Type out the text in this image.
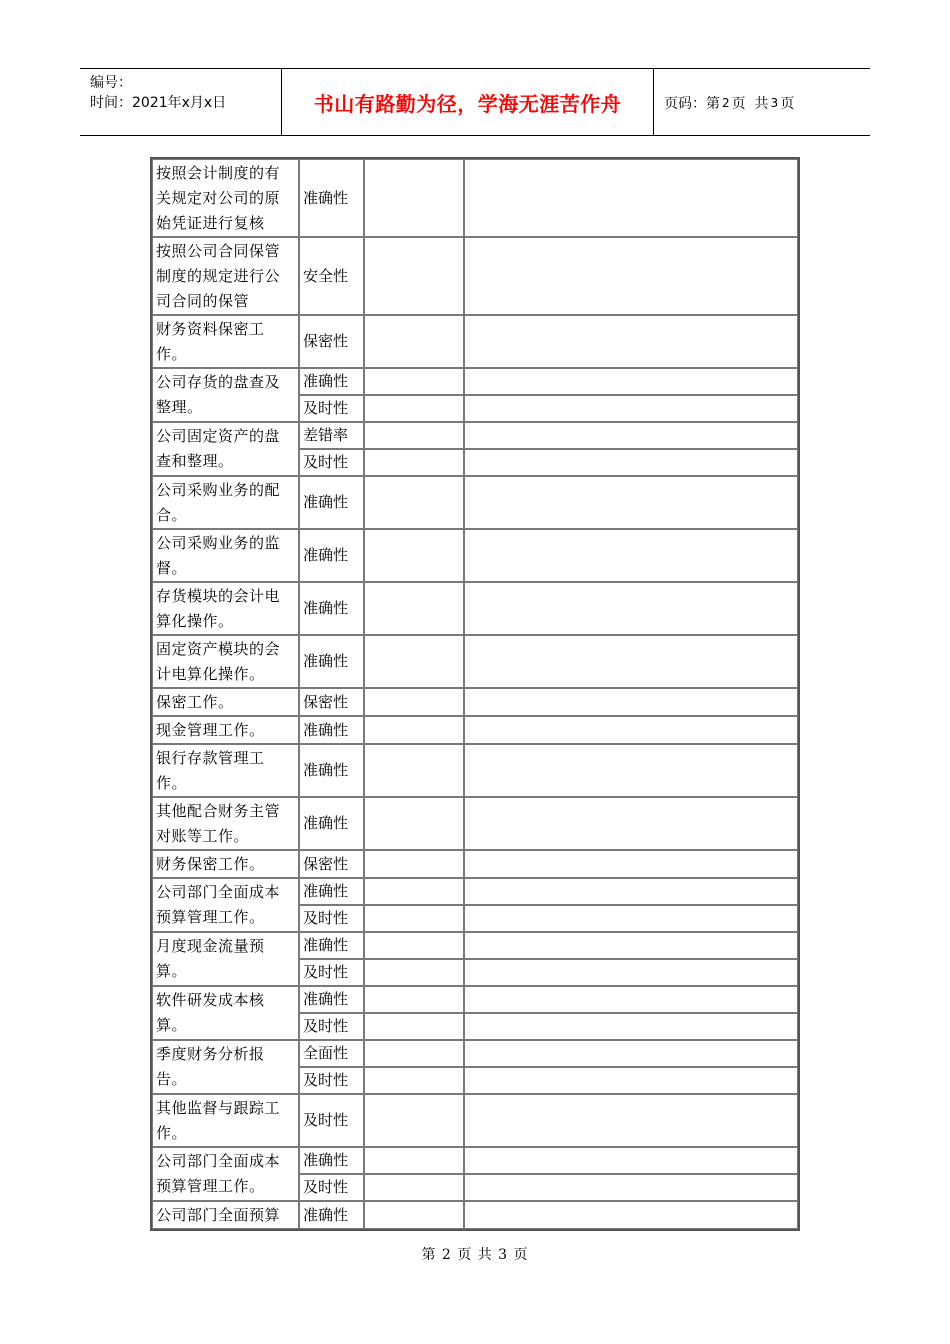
编号：
时间：2021年x月x日	书山有路勤为径，学海无涯苦作舟	页码：第 2 页  共 3 页
按照会计制度的有关规定对公司的原始凭证进行复核	准确性		
按照公司合同保管制度的规定进行公司合同的保管	安全性		
财务资料保密工作。	保密性		
公司存货的盘查及整理。	准确性		
	及时性		
公司固定资产的盘查和整理。	差错率		
	及时性		
公司采购业务的配合。	准确性		
公司采购业务的监督。	准确性		
存货模块的会计电算化操作。	准确性		
固定资产模块的会计电算化操作。	准确性		
保密工作。	保密性		
现金管理工作。	准确性		
银行存款管理工作。	准确性		
其他配合财务主管对账等工作。	准确性		
财务保密工作。	保密性		
公司部门全面成本预算管理工作。	准确性		
	及时性		
月度现金流量预算。	准确性		
	及时性		
软件研发成本核算。	准确性		
	及时性		
季度财务分析报告。	全面性		
	及时性		
其他监督与跟踪工作。	及时性		
公司部门全面成本预算管理工作。	准确性		
	及时性		
公司部门全面预算	准确性		
第 2 页 共 3 页
